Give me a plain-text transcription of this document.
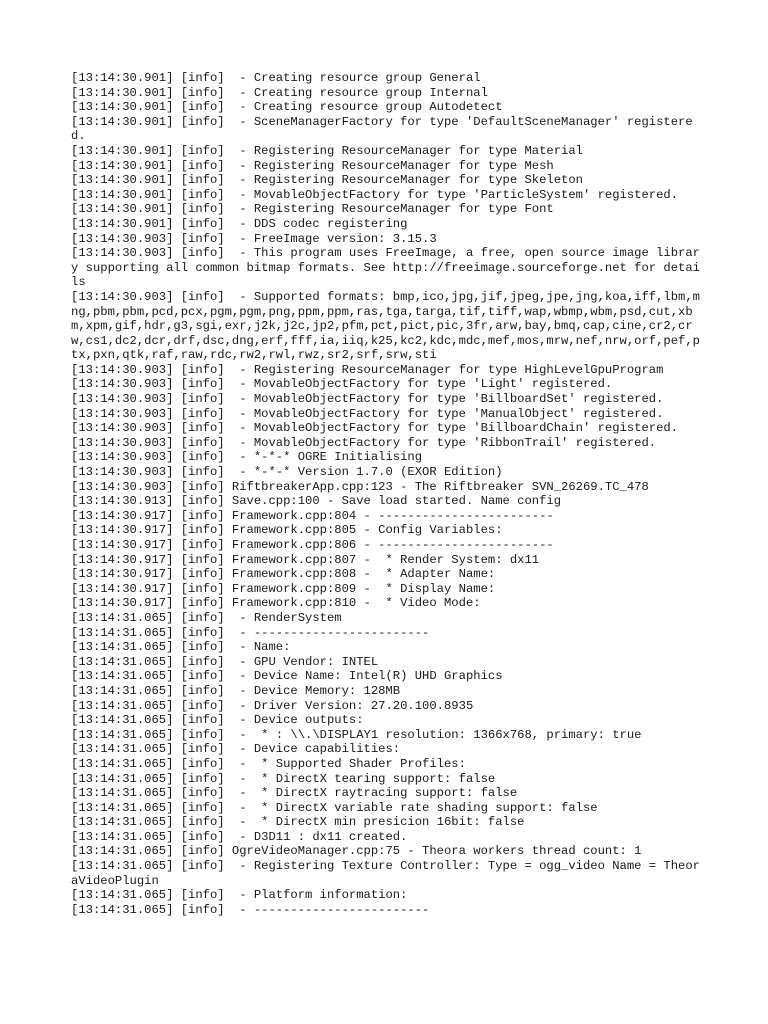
[13:14:30.901] [info]  - Creating resource group General
[13:14:30.901] [info]  - Creating resource group Internal
[13:14:30.901] [info]  - Creating resource group Autodetect
[13:14:30.901] [info]  - SceneManagerFactory for type 'DefaultSceneManager' registered.
[13:14:30.901] [info]  - Registering ResourceManager for type Material
[13:14:30.901] [info]  - Registering ResourceManager for type Mesh
[13:14:30.901] [info]  - Registering ResourceManager for type Skeleton
[13:14:30.901] [info]  - MovableObjectFactory for type 'ParticleSystem' registered.
[13:14:30.901] [info]  - Registering ResourceManager for type Font
[13:14:30.901] [info]  - DDS codec registering
[13:14:30.903] [info]  - FreeImage version: 3.15.3
[13:14:30.903] [info]  - This program uses FreeImage, a free, open source image library supporting all common bitmap formats. See http://freeimage.sourceforge.net for details
[13:14:30.903] [info]  - Supported formats: bmp,ico,jpg,jif,jpeg,jpe,jng,koa,iff,lbm,mng,pbm,pbm,pcd,pcx,pgm,pgm,png,ppm,ppm,ras,tga,targa,tif,tiff,wap,wbmp,wbm,psd,cut,xbm,xpm,gif,hdr,g3,sgi,exr,j2k,j2c,jp2,pfm,pct,pict,pic,3fr,arw,bay,bmq,cap,cine,cr2,crw,cs1,dc2,dcr,drf,dsc,dng,erf,fff,ia,iiq,k25,kc2,kdc,mdc,mef,mos,mrw,nef,nrw,orf,pef,ptx,pxn,qtk,raf,raw,rdc,rw2,rwl,rwz,sr2,srf,srw,sti
[13:14:30.903] [info]  - Registering ResourceManager for type HighLevelGpuProgram
[13:14:30.903] [info]  - MovableObjectFactory for type 'Light' registered.
[13:14:30.903] [info]  - MovableObjectFactory for type 'BillboardSet' registered.
[13:14:30.903] [info]  - MovableObjectFactory for type 'ManualObject' registered.
[13:14:30.903] [info]  - MovableObjectFactory for type 'BillboardChain' registered.
[13:14:30.903] [info]  - MovableObjectFactory for type 'RibbonTrail' registered.
[13:14:30.903] [info]  - *-*-* OGRE Initialising
[13:14:30.903] [info]  - *-*-* Version 1.7.0 (EXOR Edition)
[13:14:30.903] [info] RiftbreakerApp.cpp:123 - The Riftbreaker SVN_26269.TC_478
[13:14:30.913] [info] Save.cpp:100 - Save load started. Name config
[13:14:30.917] [info] Framework.cpp:804 - ------------------------
[13:14:30.917] [info] Framework.cpp:805 - Config Variables:
[13:14:30.917] [info] Framework.cpp:806 - ------------------------
[13:14:30.917] [info] Framework.cpp:807 -  * Render System: dx11
[13:14:30.917] [info] Framework.cpp:808 -  * Adapter Name:
[13:14:30.917] [info] Framework.cpp:809 -  * Display Name:
[13:14:30.917] [info] Framework.cpp:810 -  * Video Mode:
[13:14:31.065] [info]  - RenderSystem
[13:14:31.065] [info]  - ------------------------
[13:14:31.065] [info]  - Name:
[13:14:31.065] [info]  - GPU Vendor: INTEL
[13:14:31.065] [info]  - Device Name: Intel(R) UHD Graphics
[13:14:31.065] [info]  - Device Memory: 128MB
[13:14:31.065] [info]  - Driver Version: 27.20.100.8935
[13:14:31.065] [info]  - Device outputs:
[13:14:31.065] [info]  -  * : \\.\DISPLAY1 resolution: 1366x768, primary: true
[13:14:31.065] [info]  - Device capabilities:
[13:14:31.065] [info]  -  * Supported Shader Profiles:
[13:14:31.065] [info]  -  * DirectX tearing support: false
[13:14:31.065] [info]  -  * DirectX raytracing support: false
[13:14:31.065] [info]  -  * DirectX variable rate shading support: false
[13:14:31.065] [info]  -  * DirectX min presicion 16bit: false
[13:14:31.065] [info]  - D3D11 : dx11 created.
[13:14:31.065] [info] OgreVideoManager.cpp:75 - Theora workers thread count: 1
[13:14:31.065] [info]  - Registering Texture Controller: Type = ogg_video Name = TheoraVideoPlugin
[13:14:31.065] [info]  - Platform information:
[13:14:31.065] [info]  - ------------------------
